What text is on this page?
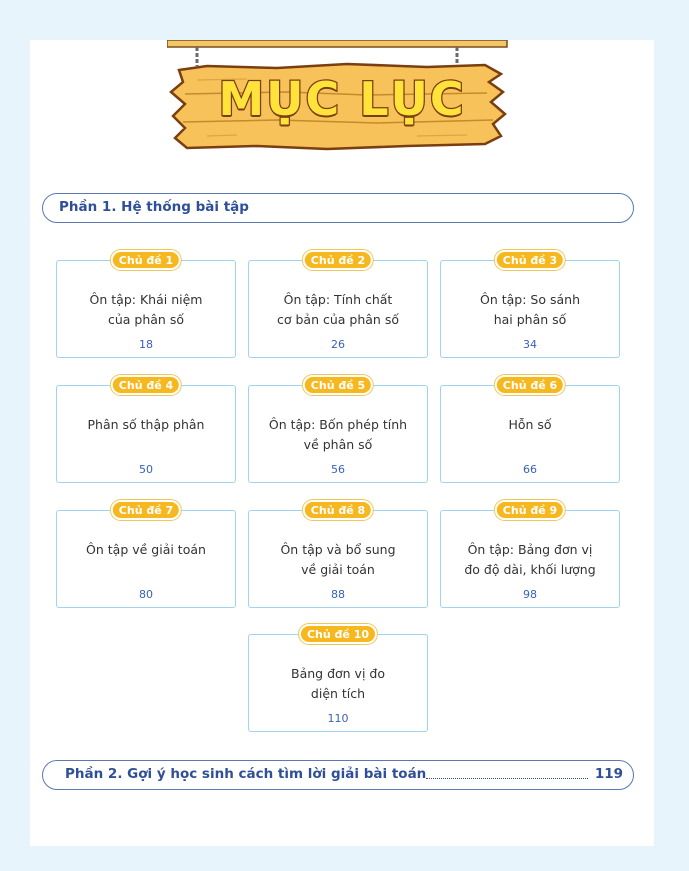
MỤC LỤC
Phần 1. Hệ thống bài tập
Chủ đề 1
Ôn tập: Khái niệm
của phân số
18
Chủ đề 2
Ôn tập: Tính chất
cơ bản của phân số
26
Chủ đề 3
Ôn tập: So sánh
hai phân số
34
Chủ đề 4
Phân số thập phân
50
Chủ đề 5
Ôn tập: Bốn phép tính
về phân số
56
Chủ đề 6
Hỗn số
66
Chủ đề 7
Ôn tập về giải toán
80
Chủ đề 8
Ôn tập và bổ sung
về giải toán
88
Chủ đề 9
Ôn tập: Bảng đơn vị
đo độ dài, khối lượng
98
Chủ đề 10
Bảng đơn vị đo
diện tích
110
Phần 2. Gợi ý học sinh cách tìm lời giải bài toán	119
